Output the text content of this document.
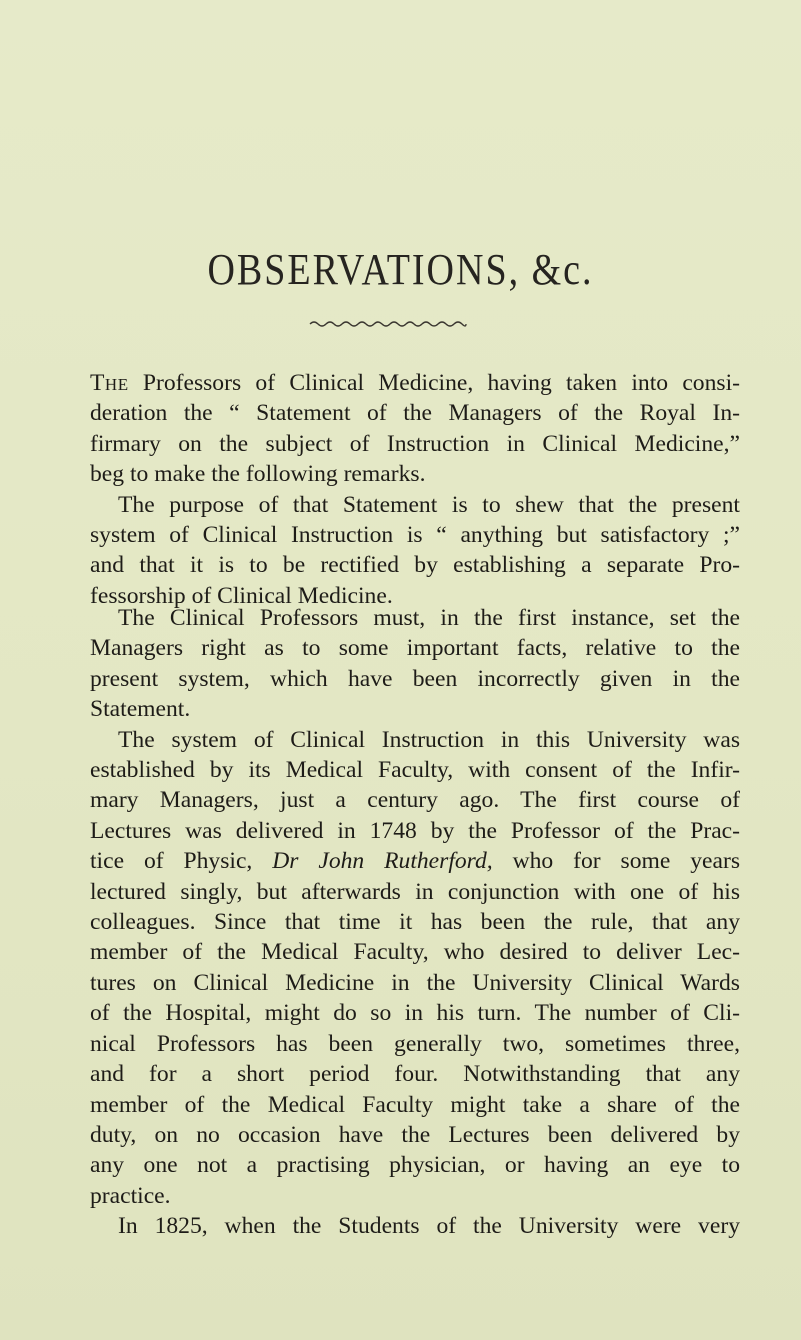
OBSERVATIONS, &c.
The Professors of Clinical Medicine, having taken into consi-
deration the “ Statement of the Managers of the Royal In-
firmary on the subject of Instruction in Clinical Medicine,”
beg to make the following remarks.
The purpose of that Statement is to shew that the present
system of Clinical Instruction is “ anything but satisfactory ;”
and that it is to be rectified by establishing a separate Pro-
fessorship of Clinical Medicine.
The Clinical Professors must, in the first instance, set the
Managers right as to some important facts, relative to the
present system, which have been incorrectly given in the
Statement.
The system of Clinical Instruction in this University was
established by its Medical Faculty, with consent of the Infir-
mary Managers, just a century ago. The first course of
Lectures was delivered in 1748 by the Professor of the Prac-
tice of Physic, Dr John Rutherford, who for some years
lectured singly, but afterwards in conjunction with one of his
colleagues. Since that time it has been the rule, that any
member of the Medical Faculty, who desired to deliver Lec-
tures on Clinical Medicine in the University Clinical Wards
of the Hospital, might do so in his turn. The number of Cli-
nical Professors has been generally two, sometimes three,
and for a short period four. Notwithstanding that any
member of the Medical Faculty might take a share of the
duty, on no occasion have the Lectures been delivered by
any one not a practising physician, or having an eye to
practice.
In 1825, when the Students of the University were very
